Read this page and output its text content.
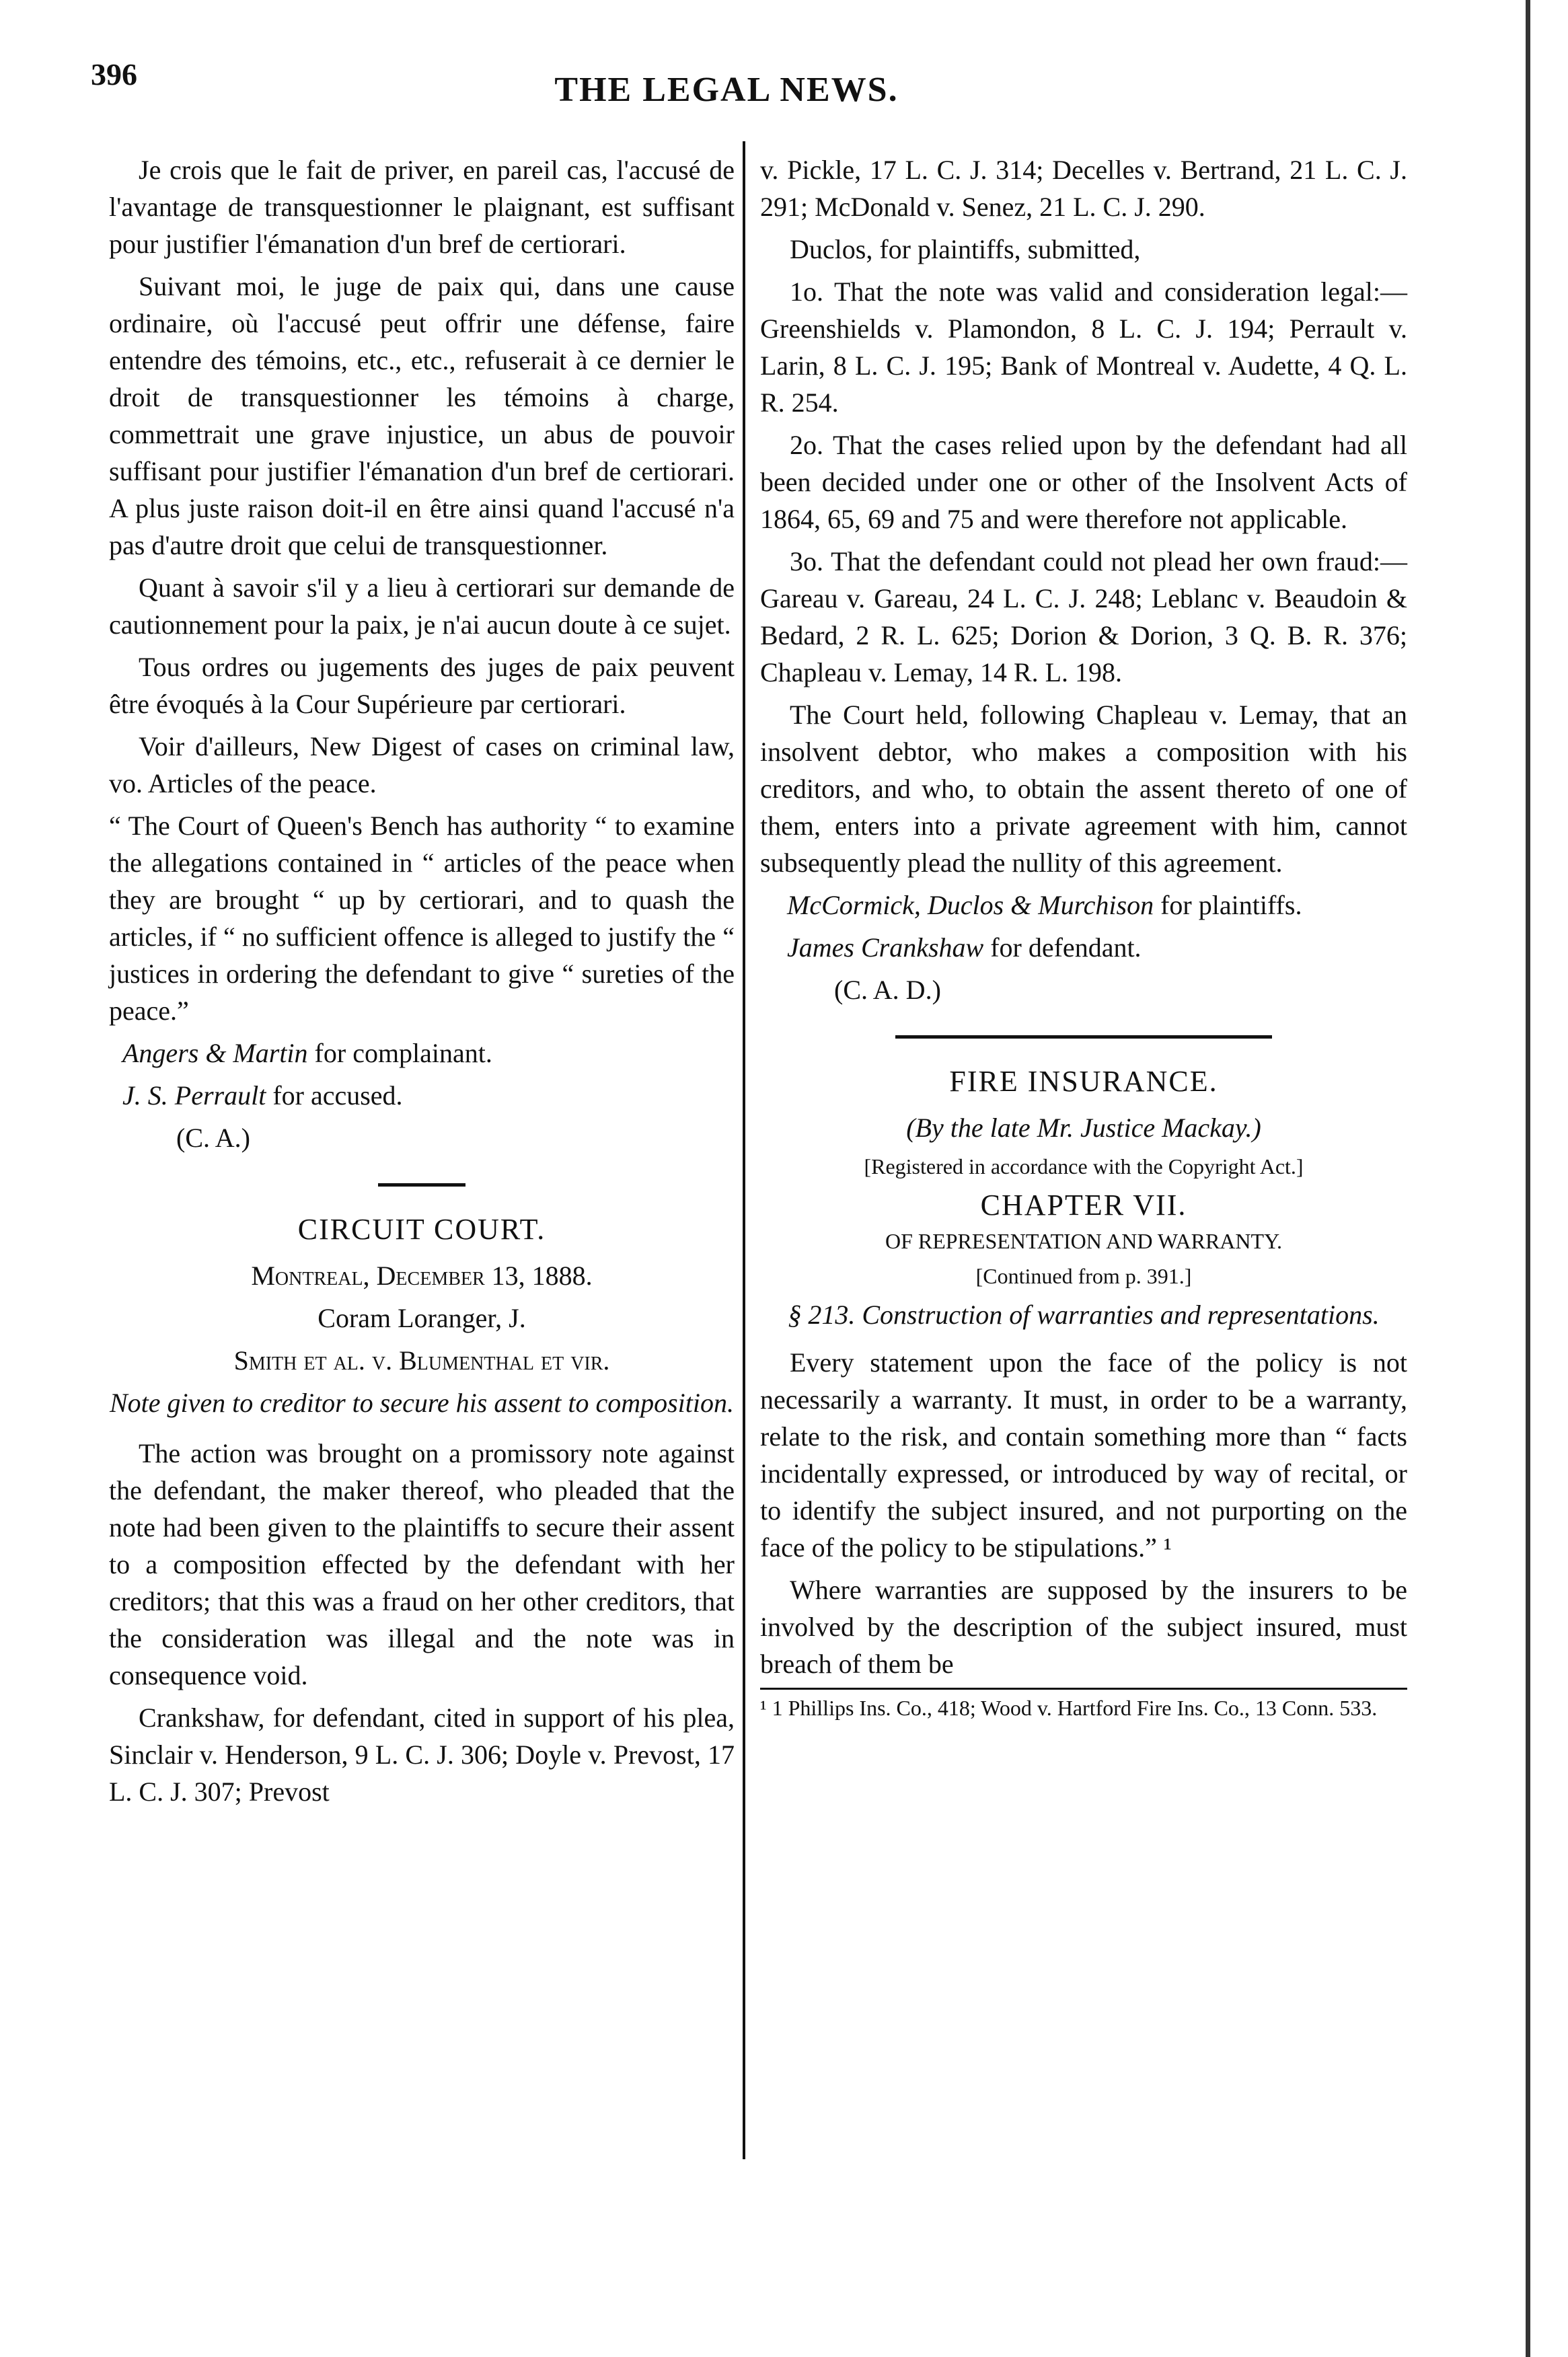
396	THE LEGAL NEWS.

Je crois que le fait de priver, en pareil cas, l'accusé de l'avantage de transquestionner le plaignant, est suffisant pour justifier l'émanation d'un bref de certiorari.

Suivant moi, le juge de paix qui, dans une cause ordinaire, où l'accusé peut offrir une défense, faire entendre des témoins, etc., etc., refuserait à ce dernier le droit de transquestionner les témoins à charge, commettrait une grave injustice, un abus de pouvoir suffisant pour justifier l'émanation d'un bref de certiorari. A plus juste raison doit-il en être ainsi quand l'accusé n'a pas d'autre droit que celui de transquestionner.

Quant à savoir s'il y a lieu à certiorari sur demande de cautionnement pour la paix, je n'ai aucun doute à ce sujet.

Tous ordres ou jugements des juges de paix peuvent être évoqués à la Cour Supérieure par certiorari.

Voir d'ailleurs, New Digest of cases on criminal law, vo. Articles of the peace.

“ The Court of Queen's Bench has authority “ to examine the allegations contained in “ articles of the peace when they are brought “ up by certiorari, and to quash the articles, if “ no sufficient offence is alleged to justify the “ justices in ordering the defendant to give “ sureties of the peace.”

Angers & Martin for complainant.

J. S. Perrault for accused.

(C. A.)

CIRCUIT COURT.

Montreal, December 13, 1888.

Coram Loranger, J.

Smith et al. v. Blumenthal et vir.

Note given to creditor to secure his assent to composition.

The action was brought on a promissory note against the defendant, the maker thereof, who pleaded that the note had been given to the plaintiffs to secure their assent to a composition effected by the defendant with her creditors; that this was a fraud on her other creditors, that the consideration was illegal and the note was in consequence void.

Crankshaw, for defendant, cited in support of his plea, Sinclair v. Henderson, 9 L. C. J. 306; Doyle v. Prevost, 17 L. C. J. 307; Prevost

v. Pickle, 17 L. C. J. 314; Decelles v. Bertrand, 21 L. C. J. 291; McDonald v. Senez, 21 L. C. J. 290.

Duclos, for plaintiffs, submitted,

1o. That the note was valid and consideration legal:—Greenshields v. Plamondon, 8 L. C. J. 194; Perrault v. Larin, 8 L. C. J. 195; Bank of Montreal v. Audette, 4 Q. L. R. 254.

2o. That the cases relied upon by the defendant had all been decided under one or other of the Insolvent Acts of 1864, 65, 69 and 75 and were therefore not applicable.

3o. That the defendant could not plead her own fraud:—Gareau v. Gareau, 24 L. C. J. 248; Leblanc v. Beaudoin & Bedard, 2 R. L. 625; Dorion & Dorion, 3 Q. B. R. 376; Chapleau v. Lemay, 14 R. L. 198.

The Court held, following Chapleau v. Lemay, that an insolvent debtor, who makes a composition with his creditors, and who, to obtain the assent thereto of one of them, enters into a private agreement with him, cannot subsequently plead the nullity of this agreement.

McCormick, Duclos & Murchison for plaintiffs.

James Crankshaw for defendant.

(C. A. D.)

FIRE INSURANCE.

(By the late Mr. Justice Mackay.)

[Registered in accordance with the Copyright Act.]

CHAPTER VII.

OF REPRESENTATION AND WARRANTY.

[Continued from p. 391.]

§ 213. Construction of warranties and representations.

Every statement upon the face of the policy is not necessarily a warranty. It must, in order to be a warranty, relate to the risk, and contain something more than “ facts incidentally expressed, or introduced by way of recital, or to identify the subject insured, and not purporting on the face of the policy to be stipulations.” ¹

Where warranties are supposed by the insurers to be involved by the description of the subject insured, must breach of them be

¹ 1 Phillips Ins. Co., 418; Wood v. Hartford Fire Ins. Co., 13 Conn. 533.
